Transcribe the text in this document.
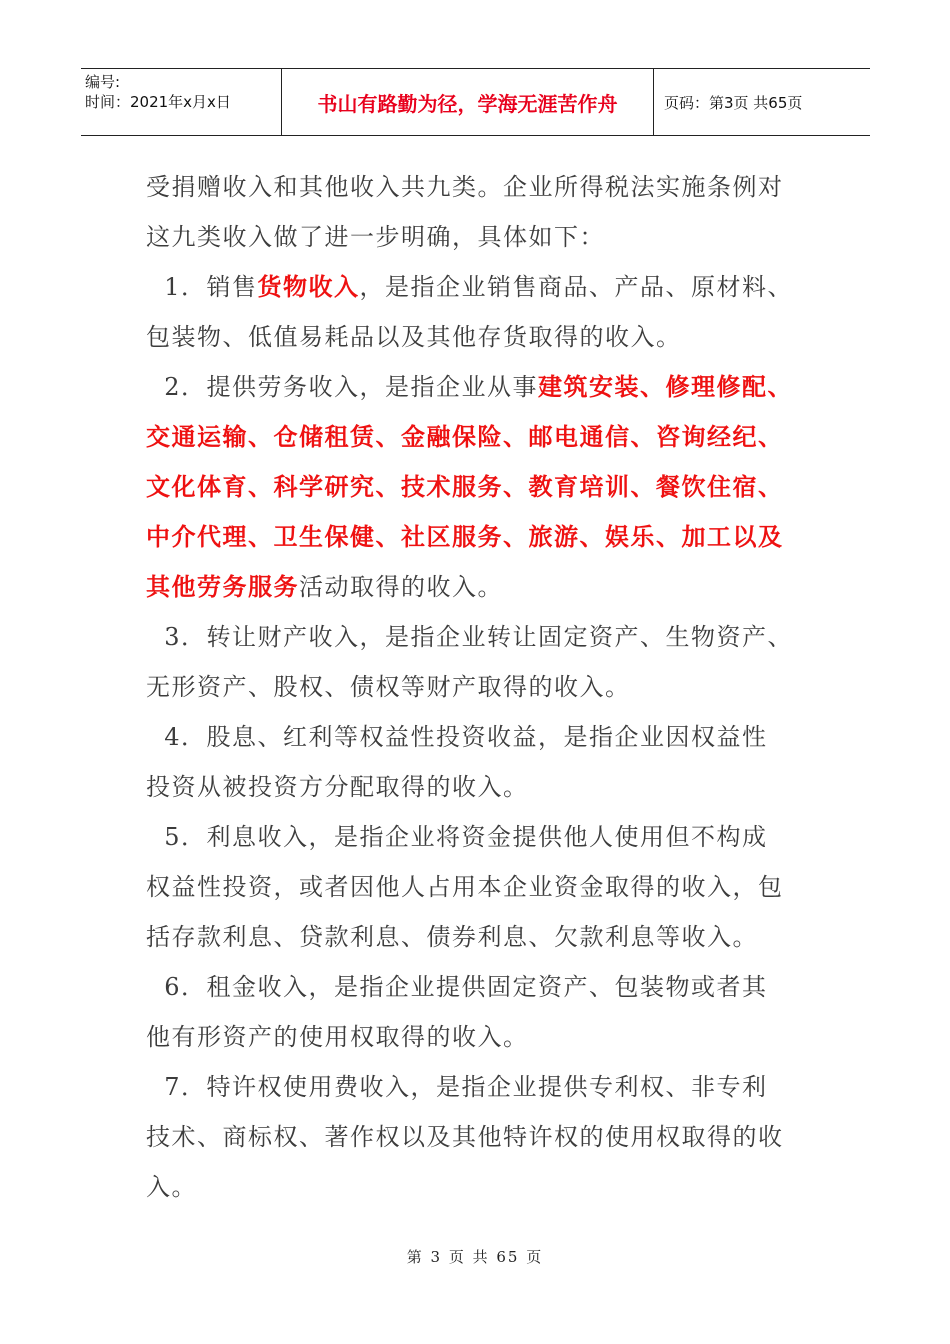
编号:
时间：2021年x月x日	书山有路勤为径，学海无涯苦作舟	页码：第3页 共65页
受捐赠收入和其他收入共九类。企业所得税法实施条例对
这九类收入做了进一步明确，具体如下：
1．销售货物收入，是指企业销售商品、产品、原材料、
包装物、低值易耗品以及其他存货取得的收入。
2．提供劳务收入，是指企业从事建筑安装、修理修配、
交通运输、仓储租赁、金融保险、邮电通信、咨询经纪、
文化体育、科学研究、技术服务、教育培训、餐饮住宿、
中介代理、卫生保健、社区服务、旅游、娱乐、加工以及
其他劳务服务活动取得的收入。
3．转让财产收入，是指企业转让固定资产、生物资产、
无形资产、股权、债权等财产取得的收入。
4．股息、红利等权益性投资收益，是指企业因权益性
投资从被投资方分配取得的收入。
5．利息收入，是指企业将资金提供他人使用但不构成
权益性投资，或者因他人占用本企业资金取得的收入，包
括存款利息、贷款利息、债券利息、欠款利息等收入。
6．租金收入，是指企业提供固定资产、包装物或者其
他有形资产的使用权取得的收入。
7．特许权使用费收入，是指企业提供专利权、非专利
技术、商标权、著作权以及其他特许权的使用权取得的收
入。
第 3 页 共 65 页
